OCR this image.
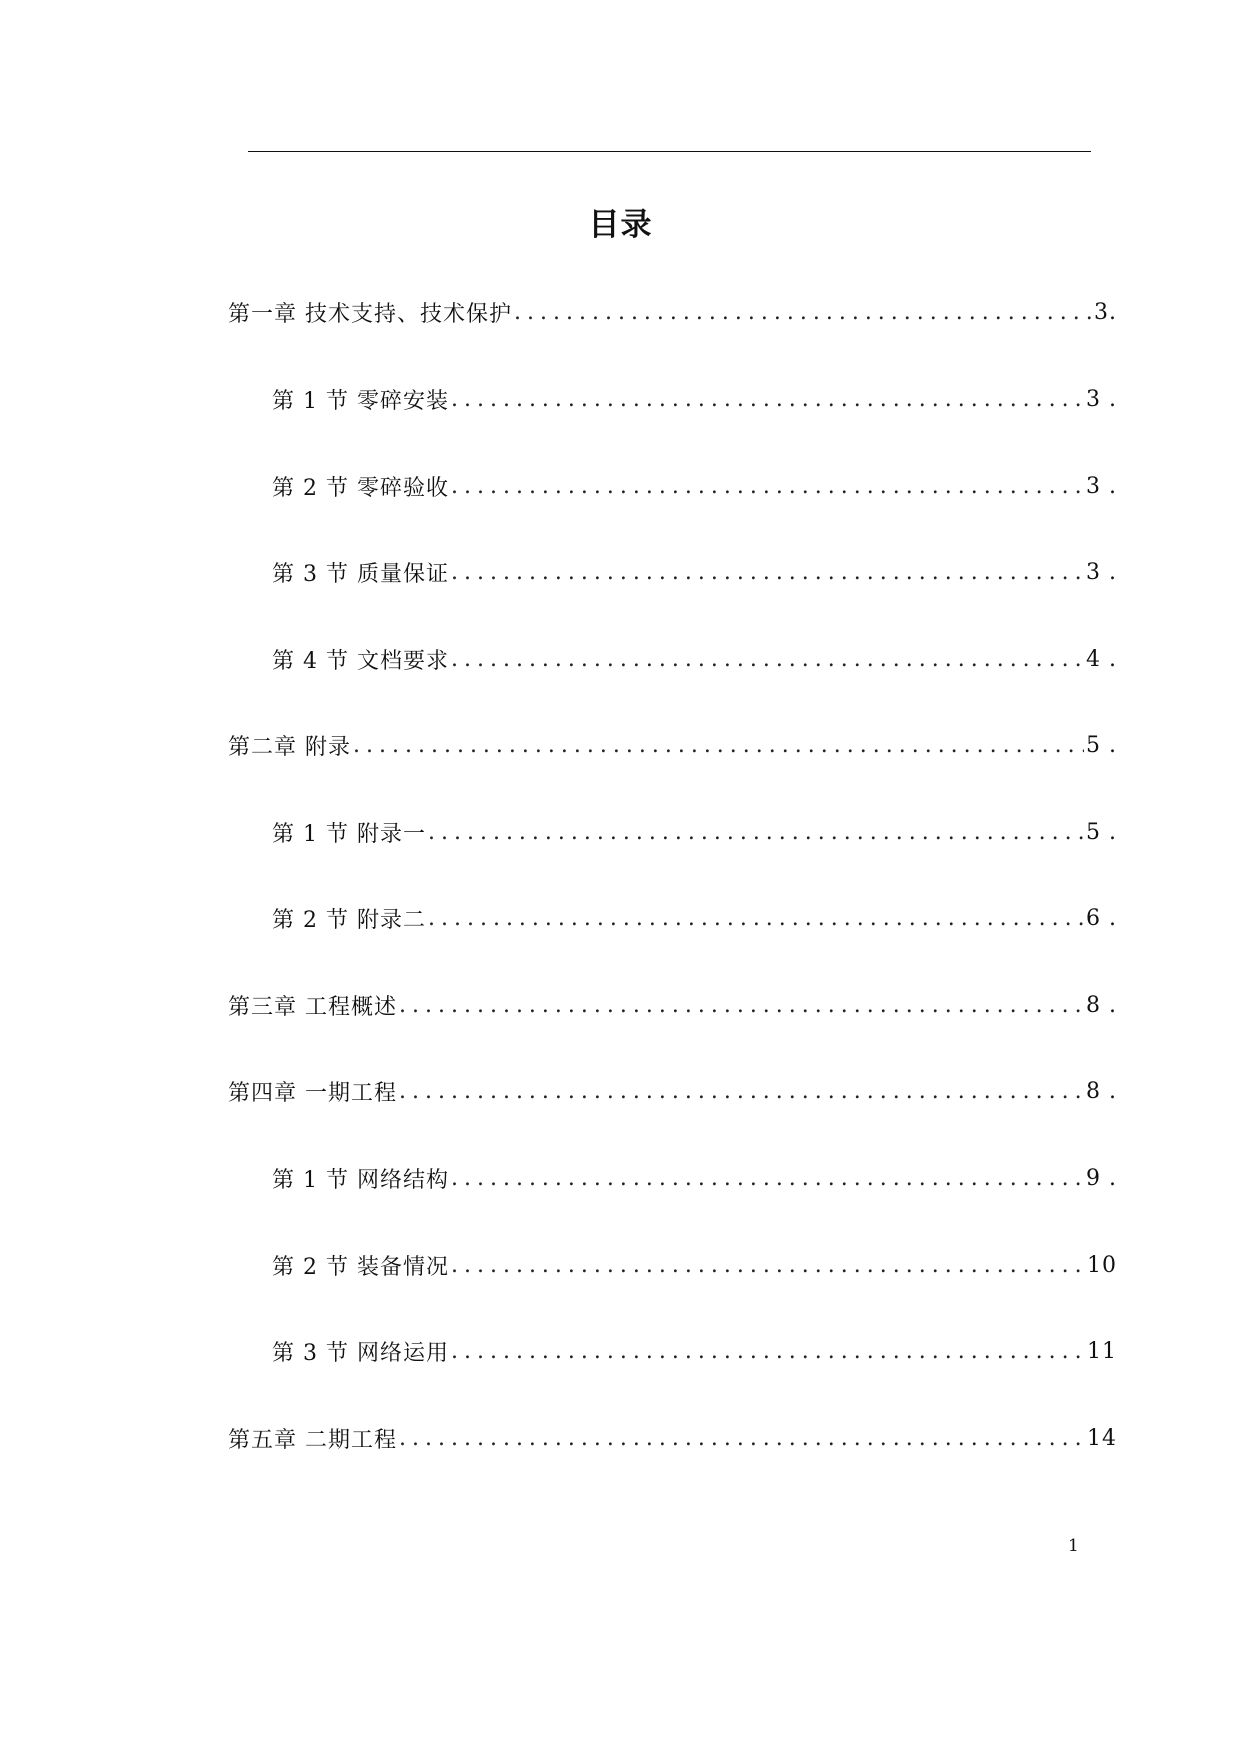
目录
第一章 技术支持、技术保护 .....	3.
第 1 节 零碎安装 .....	3 .
第 2 节 零碎验收 .....	3 .
第 3 节 质量保证 .....	3 .
第 4 节 文档要求 .....	4 .
第二章 附录 .....	5 .
第 1 节 附录一 .....	5 .
第 2 节 附录二 .....	6 .
第三章 工程概述 .....	8 .
第四章 一期工程 .....	8 .
第 1 节 网络结构 .....	9 .
第 2 节 装备情况 .....	10
第 3 节 网络运用 .....	11
第五章 二期工程 .....	14
1
